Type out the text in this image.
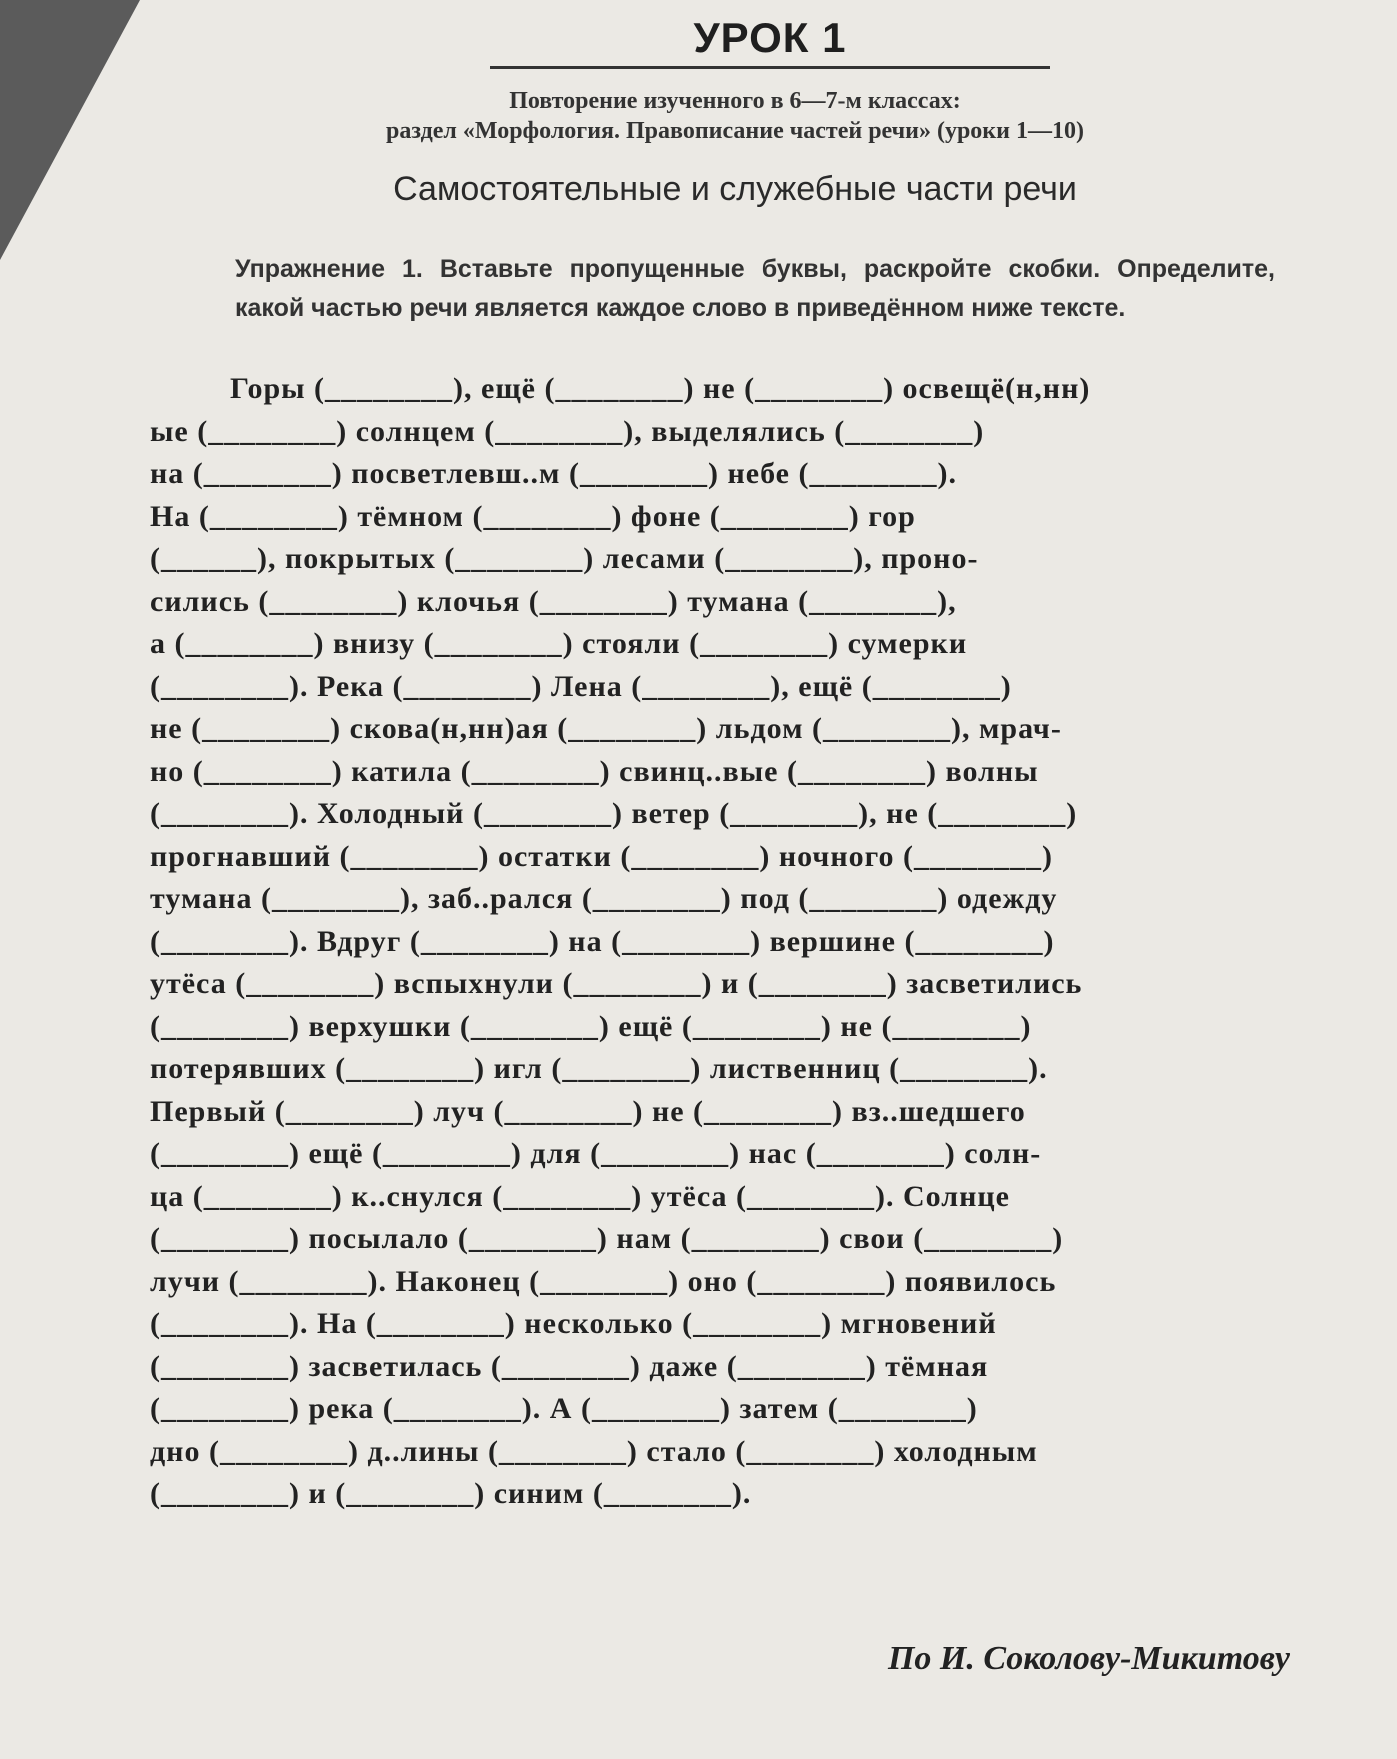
УРОК 1
Повторение изученного в 6—7-м классах:
раздел «Морфология. Правописание частей речи» (уроки 1—10)
Самостоятельные и служебные части речи
Упражнение 1. Вставьте пропущенные буквы, раскройте скобки. Определите, какой частью речи является каждое слово в приведённом ниже тексте.
Горы (________), ещё (________) не (________) освещё(н,нн)
ые (________) солнцем (________), выделялись (________)
на (________) посветлевш..м (________) небе (________).
На (________) тёмном (________) фоне (________) гор
(______), покрытых (________) лесами (________), проно-
сились (________) клочья (________) тумана (________),
а (________) внизу (________) стояли (________) сумерки
(________). Река (________) Лена (________), ещё (________)
не (________) скова(н,нн)ая (________) льдом (________), мрач-
но (________) катила (________) свинц..вые (________) волны
(________). Холодный (________) ветер (________), не (________)
прогнавший (________) остатки (________) ночного (________)
тумана (________), заб..рался (________) под (________) одежду
(________). Вдруг (________) на (________) вершине (________)
утёса (________) вспыхнули (________) и (________) засветились
(________) верхушки (________) ещё (________) не (________)
потерявших (________) игл (________) лиственниц (________).
Первый (________) луч (________) не (________) вз..шедшего
(________) ещё (________) для (________) нас (________) солн-
ца (________) к..снулся (________) утёса (________). Солнце
(________) посылало (________) нам (________) свои (________)
лучи (________). Наконец (________) оно (________) появилось
(________). На (________) несколько (________) мгновений
(________) засветилась (________) даже (________) тёмная
(________) река (________). А (________) затем (________)
дно (________) д..лины (________) стало (________) холодным
(________) и (________) синим (________).
По И. Соколову-Микитову
